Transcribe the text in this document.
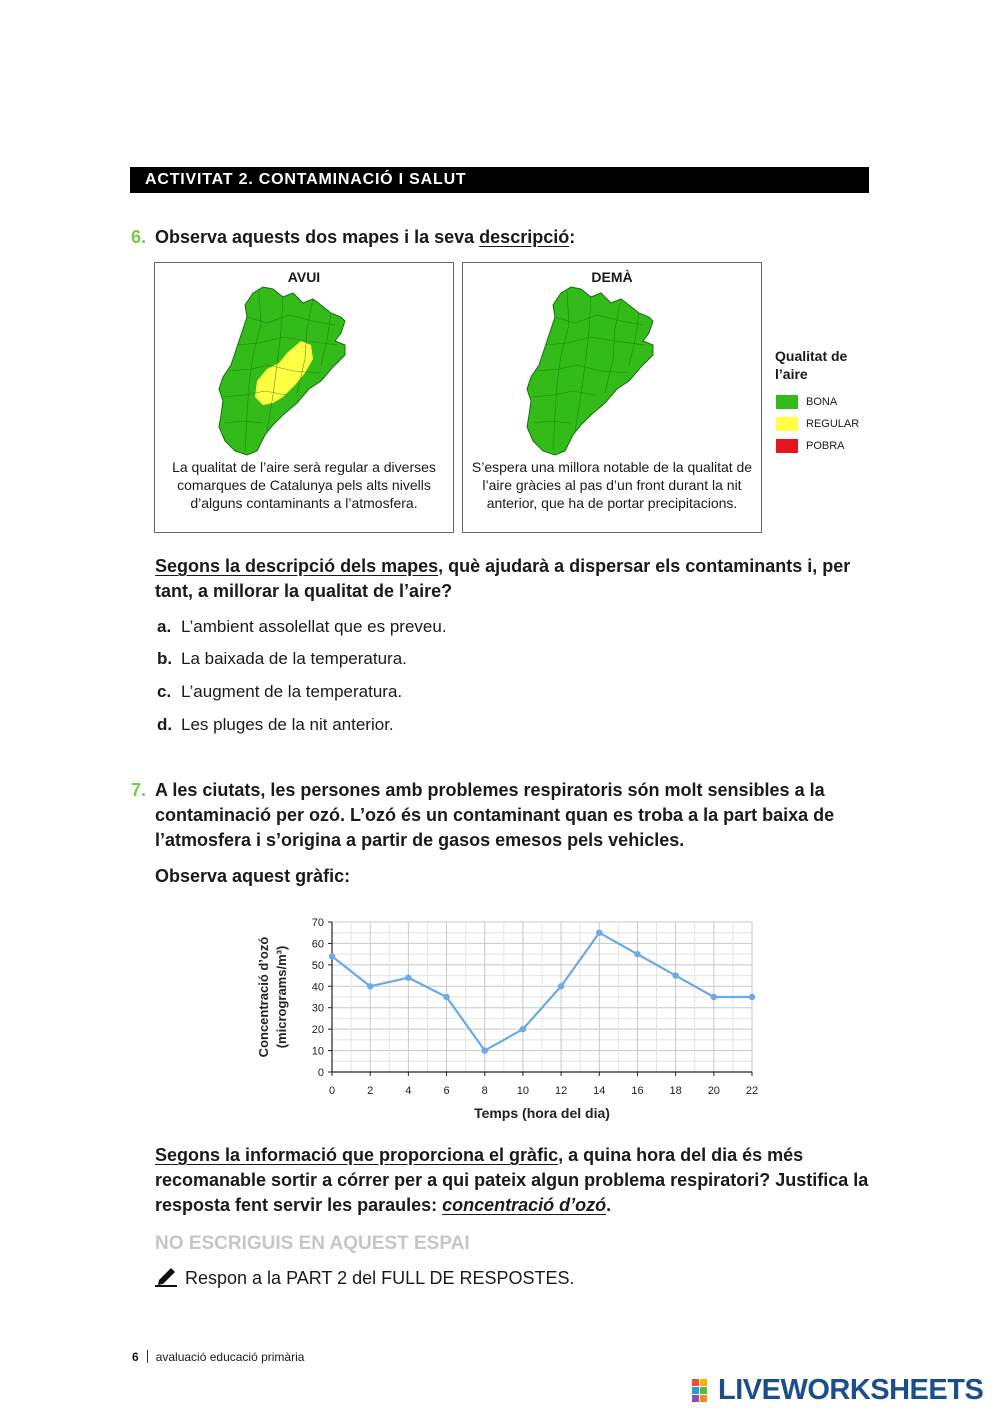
ACTIVITAT 2. CONTAMINACIÓ I SALUT
6. Observa aquests dos mapes i la seva descripció:
AVUI
La qualitat de l’aire serà regular a diverses comarques de Catalunya pels alts nivells d’alguns contaminants a l’atmosfera.
DEMÀ
S’espera una millora notable de la qualitat de l’aire gràcies al pas d’un front durant la nit anterior, que ha de portar precipitacions.
Qualitat de l’aire
BONA
REGULAR
POBRA
Segons la descripció dels mapes, què ajudarà a dispersar els contaminants i, per tant, a millorar la qualitat de l’aire?
a. L’ambient assolellat que es preveu.
b. La baixada de la temperatura.
c. L’augment de la temperatura.
d. Les pluges de la nit anterior.
7. A les ciutats, les persones amb problemes respiratoris són molt sensibles a la contaminació per ozó. L’ozó és un contaminant quan es troba a la part baixa de l’atmosfera i s’origina a partir de gasos emesos pels vehicles.
Observa aquest gràfic:
0
10
20
30
40
50
60
70
0	2	4	6	8	10 12 14 16 18 20 22
Temps (hora del dia)
Concentració d’ozó (micrograms/m³)
Segons la informació que proporciona el gràfic, a quina hora del dia és més recomanable sortir a córrer per a qui pateix algun problema respiratori? Justifica la resposta fent servir les paraules: concentració d’ozó.
NO ESCRIGUIS EN AQUEST ESPAI
Respon a la PART 2 del FULL DE RESPOSTES.
6 avaluació educació primària
LIVEWORKSHEETS
